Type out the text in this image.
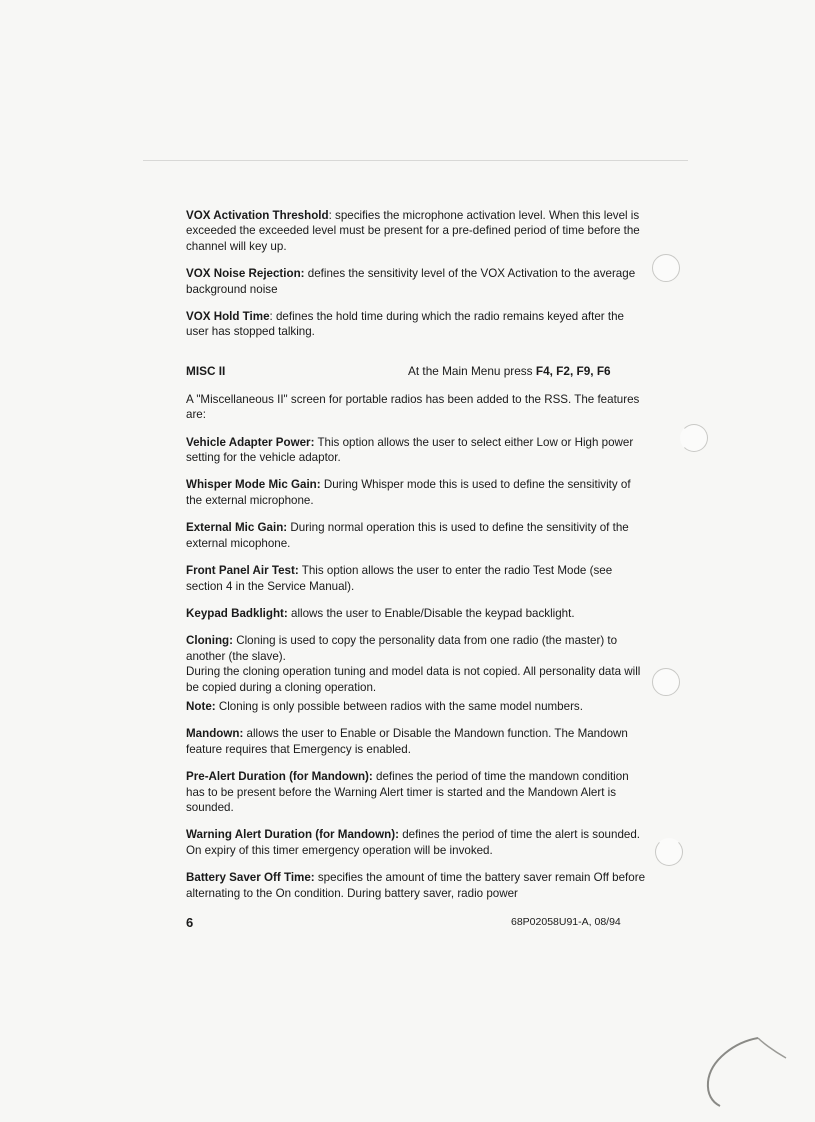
VOX Activation Threshold: specifies the microphone activation level. When this level is exceeded the exceeded level must be present for a pre-defined period of time before the channel will key up.

VOX Noise Rejection: defines the sensitivity level of the VOX Activation to the average background noise

VOX Hold Time: defines the hold time during which the radio remains keyed after the user has stopped talking.

MISC II	At the Main Menu press F4, F2, F9, F6

A "Miscellaneous II" screen for portable radios has been added to the RSS. The features are:

Vehicle Adapter Power: This option allows the user to select either Low or High power setting for the vehicle adaptor.

Whisper Mode Mic Gain: During Whisper mode this is used to define the sensitivity of the external microphone.

External Mic Gain: During normal operation this is used to define the sensitivity of the external micophone.

Front Panel Air Test: This option allows the user to enter the radio Test Mode (see section 4 in the Service Manual).

Keypad Badklight: allows the user to Enable/Disable the keypad backlight.

Cloning: Cloning is used to copy the personality data from one radio (the master) to another (the slave).

During the cloning operation tuning and model data is not copied. All personality data will be copied during a cloning operation.

Note: Cloning is only possible between radios with the same model numbers.

Mandown: allows the user to Enable or Disable the Mandown function. The Mandown feature requires that Emergency is enabled.

Pre-Alert Duration (for Mandown): defines the period of time the mandown condition has to be present before the Warning Alert timer is started and the Mandown Alert is sounded.

Warning Alert Duration (for Mandown): defines the period of time the alert is sounded. On expiry of this timer emergency operation will be invoked.

Battery Saver Off Time: specifies the amount of time the battery saver remain Off before alternating to the On condition. During battery saver, radio power

6	68P02058U91-A, 08/94
